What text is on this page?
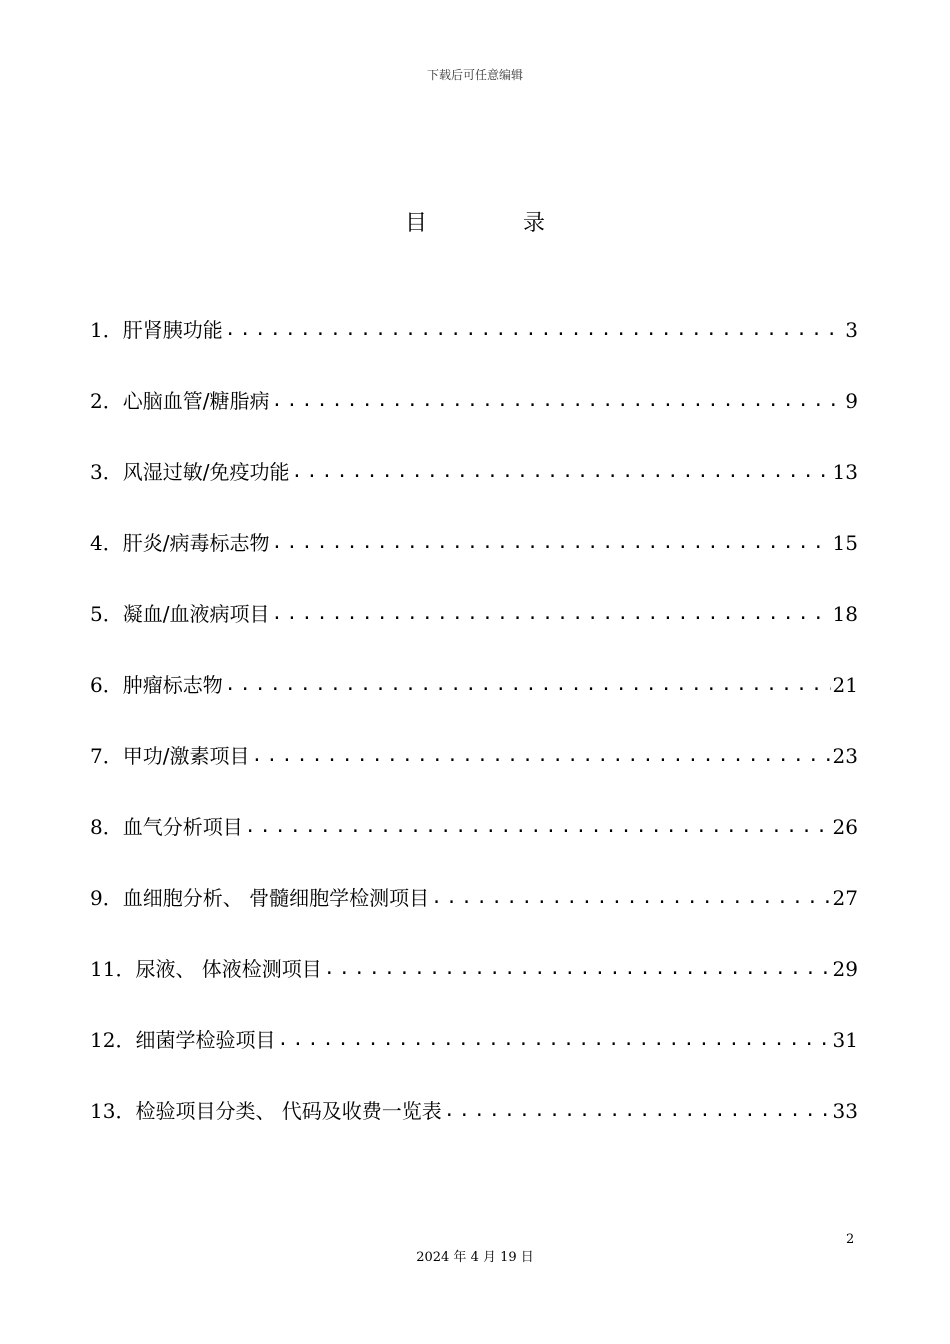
下载后可任意编辑
目	录
1． 肝肾胰功能 .....	3
2． 心脑血管/糖脂病 .....	9
3． 风湿过敏/免疫功能 .....	13
4． 肝炎/病毒标志物 .....	15
5． 凝血/血液病项目 .....	18
6． 肿瘤标志物 .....	21
7． 甲功/激素项目 .....	23
8． 血气分析项目 .....	26
9． 血细胞分析、 骨髓细胞学检测项目 .....	27
11． 尿液、 体液检测项目 .....	29
12． 细菌学检验项目 .....	31
13． 检验项目分类、 代码及收费一览表 .....	33
2
2024 年 4 月 19 日
